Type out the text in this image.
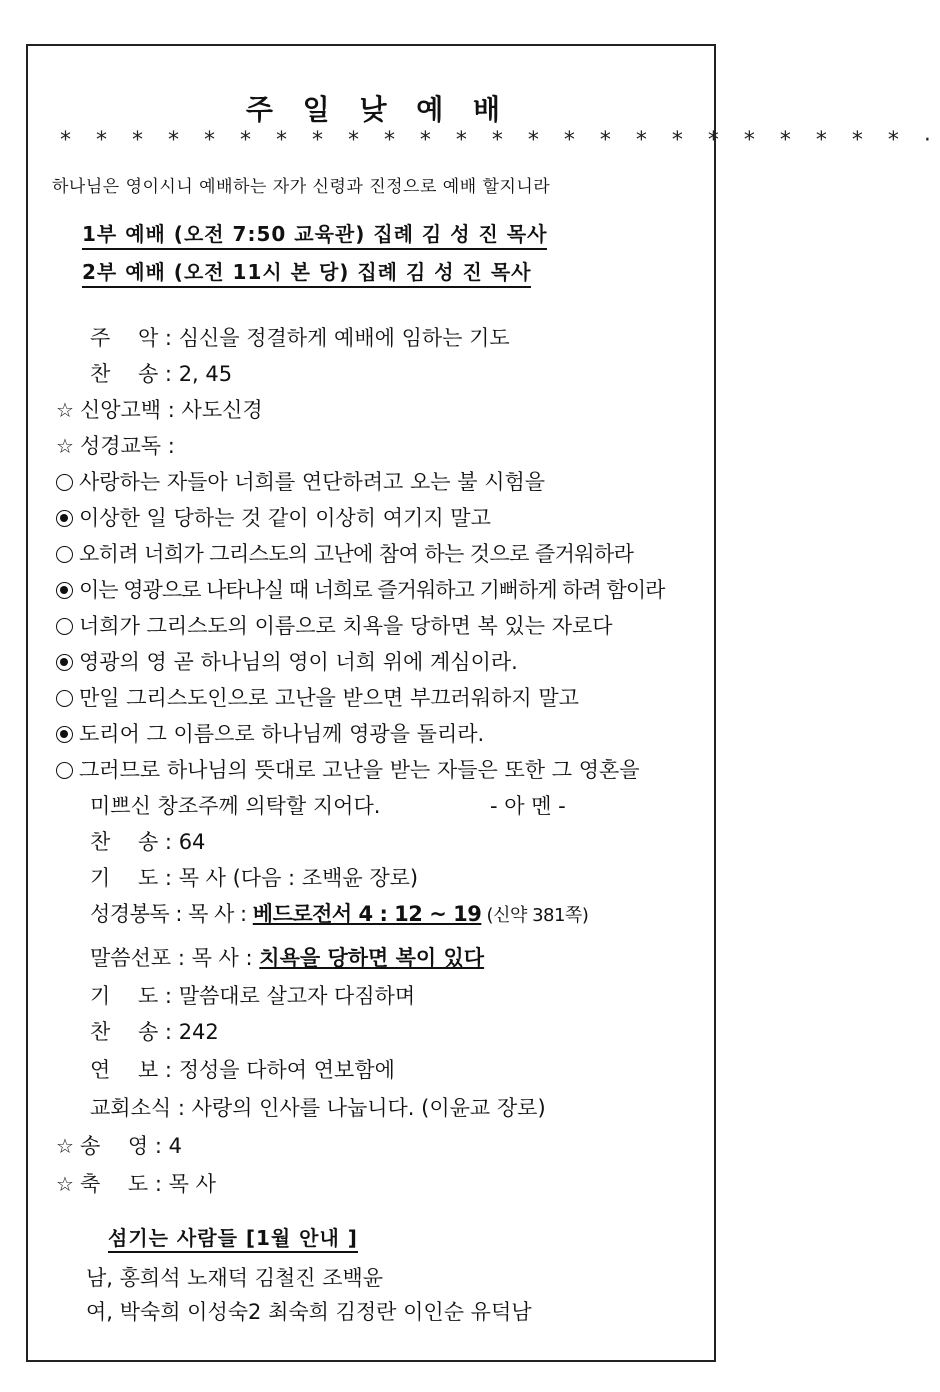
주 일 낮 예 배
* * * * * * * * * * * * * * * * * * * * * * * * ·
하나님은 영이시니 예배하는 자가 신령과 진정으로 예배 할지니라
1부 예배 (오전 7:50 교육관) 집례 김 성 진 목사
2부 예배 (오전 11시 본 당) 집례 김 성 진 목사
주　 악 : 심신을 정결하게 예배에 임하는 기도
찬　 송 : 2, 45
☆ 신앙고백 : 사도신경
☆ 성경교독 :
사랑하는 자들아 너희를 연단하려고 오는 불 시험을
이상한 일 당하는 것 같이 이상히 여기지 말고
오히려 너희가 그리스도의 고난에 참여 하는 것으로 즐거워하라
이는 영광으로 나타나실 때 너희로 즐거워하고 기뻐하게 하려 함이라
너희가 그리스도의 이름으로 치욕을 당하면 복 있는 자로다
영광의 영 곧 하나님의 영이 너희 위에 계심이라.
만일 그리스도인으로 고난을 받으면 부끄러워하지 말고
도리어 그 이름으로 하나님께 영광을 돌리라.
그러므로 하나님의 뜻대로 고난을 받는 자들은 또한 그 영혼을
미쁘신 창조주께 의탁할 지어다.	- 아 멘 -
찬　 송 : 64
기　 도 : 목 사 (다음 : 조백윤 장로)
성경봉독 : 목 사 : 베드로전서 4 : 12 ~ 19 (신약 381쪽)
말씀선포 : 목 사 : 치욕을 당하면 복이 있다
기　 도 : 말씀대로 살고자 다짐하며
찬　 송 : 242
연　 보 : 정성을 다하여 연보함에
교회소식 : 사랑의 인사를 나눕니다. (이윤교 장로)
☆ 송　 영 : 4
☆ 축　 도 : 목 사
섬기는 사람들 [1월 안내 ]
남, 홍희석 노재덕 김철진 조백윤
여, 박숙희 이성숙2 최숙희 김정란 이인순 유덕남
